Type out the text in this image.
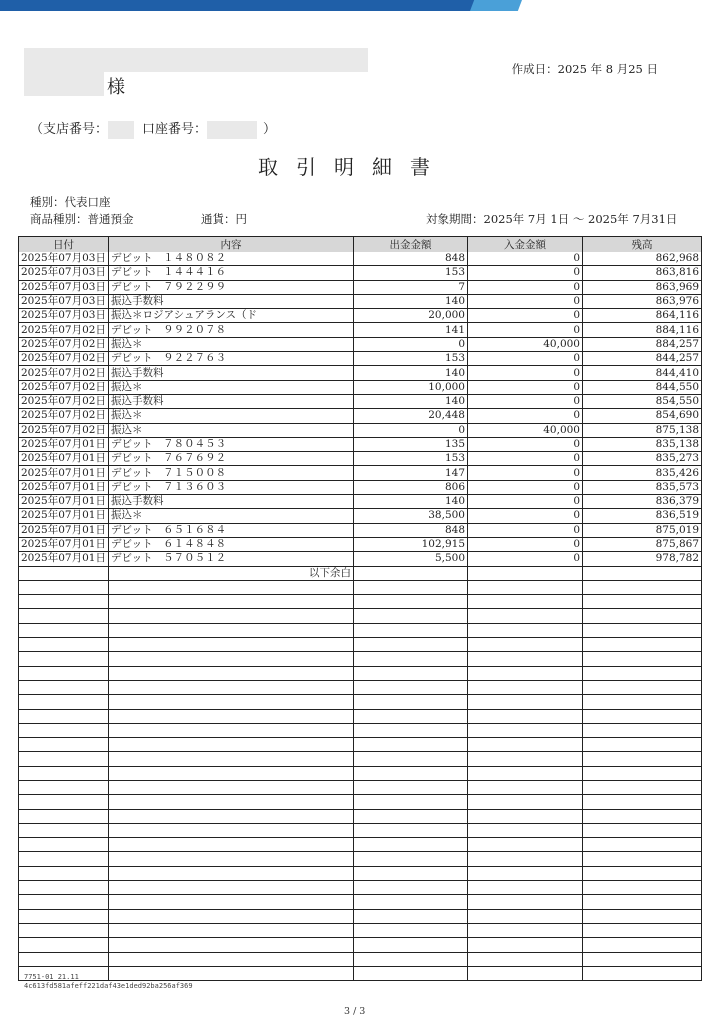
様
作成日：2025 年 8 月25 日
（支店番号：	口座番号：	）
取引明細書
種別：代表口座
商品種別：普通預金	通貨：円	対象期間：2025年 7月 1日 〜 2025年 7月31日
日付	内容	出金金額	入金金額	残高
2025年07月03日	デビット　１４８０８２	848	0	862,968
2025年07月03日	デビット　１４４４１６	153	0	863,816
2025年07月03日	デビット　７９２２９９	7	0	863,969
2025年07月03日	振込手数料	140	0	863,976
2025年07月03日	振込＊ロジアシュアランス（ド	20,000	0	864,116
2025年07月02日	デビット　９９２０７８	141	0	884,116
2025年07月02日	振込＊	0	40,000	884,257
2025年07月02日	デビット　９２２７６３	153	0	844,257
2025年07月02日	振込手数料	140	0	844,410
2025年07月02日	振込＊	10,000	0	844,550
2025年07月02日	振込手数料	140	0	854,550
2025年07月02日	振込＊	20,448	0	854,690
2025年07月02日	振込＊	0	40,000	875,138
2025年07月01日	デビット　７８０４５３	135	0	835,138
2025年07月01日	デビット　７６７６９２	153	0	835,273
2025年07月01日	デビット　７１５００８	147	0	835,426
2025年07月01日	デビット　７１３６０３	806	0	835,573
2025年07月01日	振込手数料	140	0	836,379
2025年07月01日	振込＊	38,500	0	836,519
2025年07月01日	デビット　６５１６８４	848	0	875,019
2025年07月01日	デビット　６１４８４８	102,915	0	875,867
2025年07月01日	デビット　５７０５１２	5,500	0	978,782
	以下余白			

7751-01 21.11
4c613fd581afeff221daf43e1ded92ba256af369
3 / 3
